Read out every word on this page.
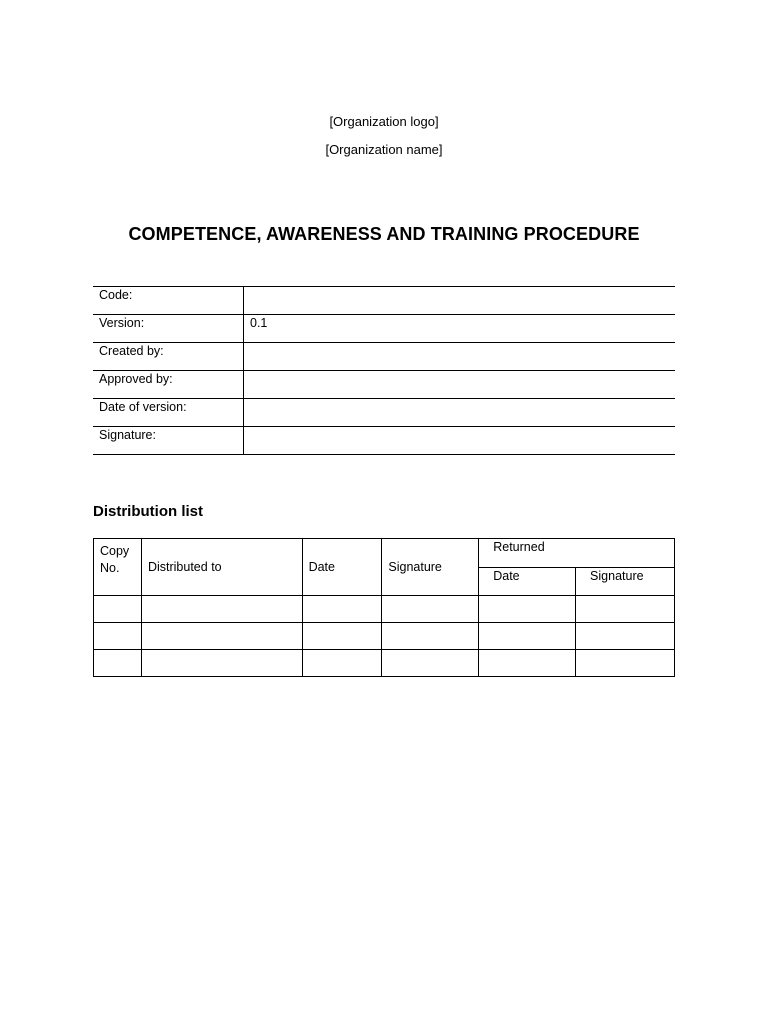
[Organization logo]
[Organization name]
COMPETENCE, AWARENESS AND TRAINING PROCEDURE
Code:	
Version:	0.1
Created by:	
Approved by:	
Date of version:	
Signature:	
Distribution list
Copy No.	Distributed to	Date	Signature	Returned	
				Date	Signature
